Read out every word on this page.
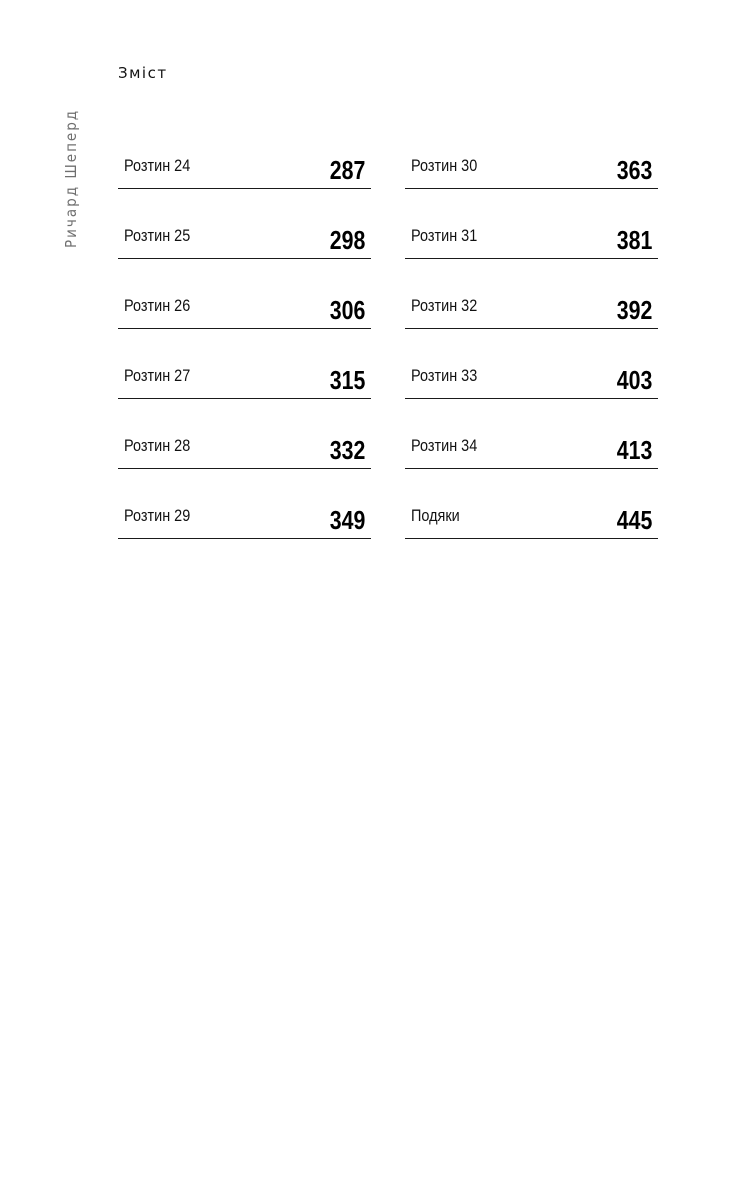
Ричард Шеперд
Зміст
Розтин 24	287
Розтин 25	298
Розтин 26	306
Розтин 27	315
Розтин 28	332
Розтин 29	349
Розтин 30	363
Розтин 31	381
Розтин 32	392
Розтин 33	403
Розтин 34	413
Подяки	445
